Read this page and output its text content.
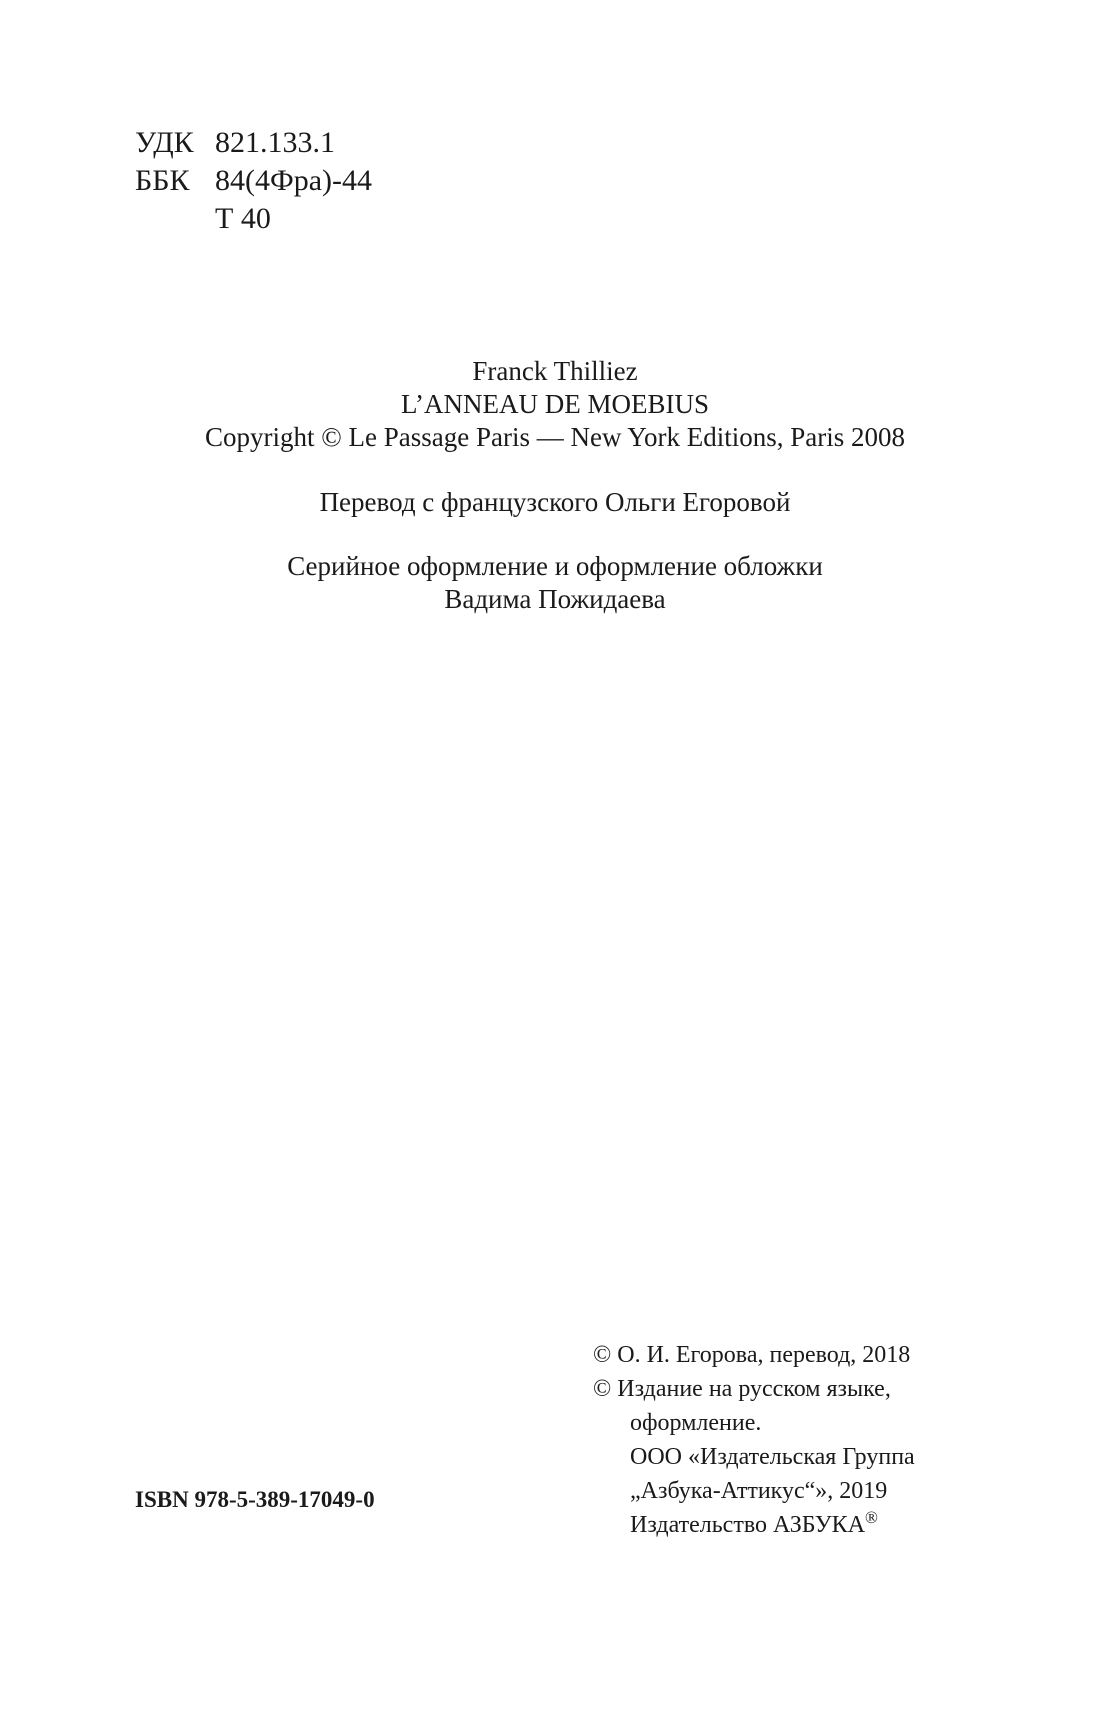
УДК 821.133.1
ББК 84(4Фра)-44
Т 40
Franck Thilliez
L’ANNEAU DE MOEBIUS
Copyright © Le Passage Paris — New York Editions, Paris 2008
Перевод с французского Ольги Егоровой
Серийное оформление и оформление обложки
Вадима Пожидаева
© О. И. Егорова, перевод, 2018
© Издание на русском языке,
оформление.
ООО «Издательская Группа
„Азбука-Аттикус“», 2019
Издательство АЗБУКА®
ISBN 978-5-389-17049-0
